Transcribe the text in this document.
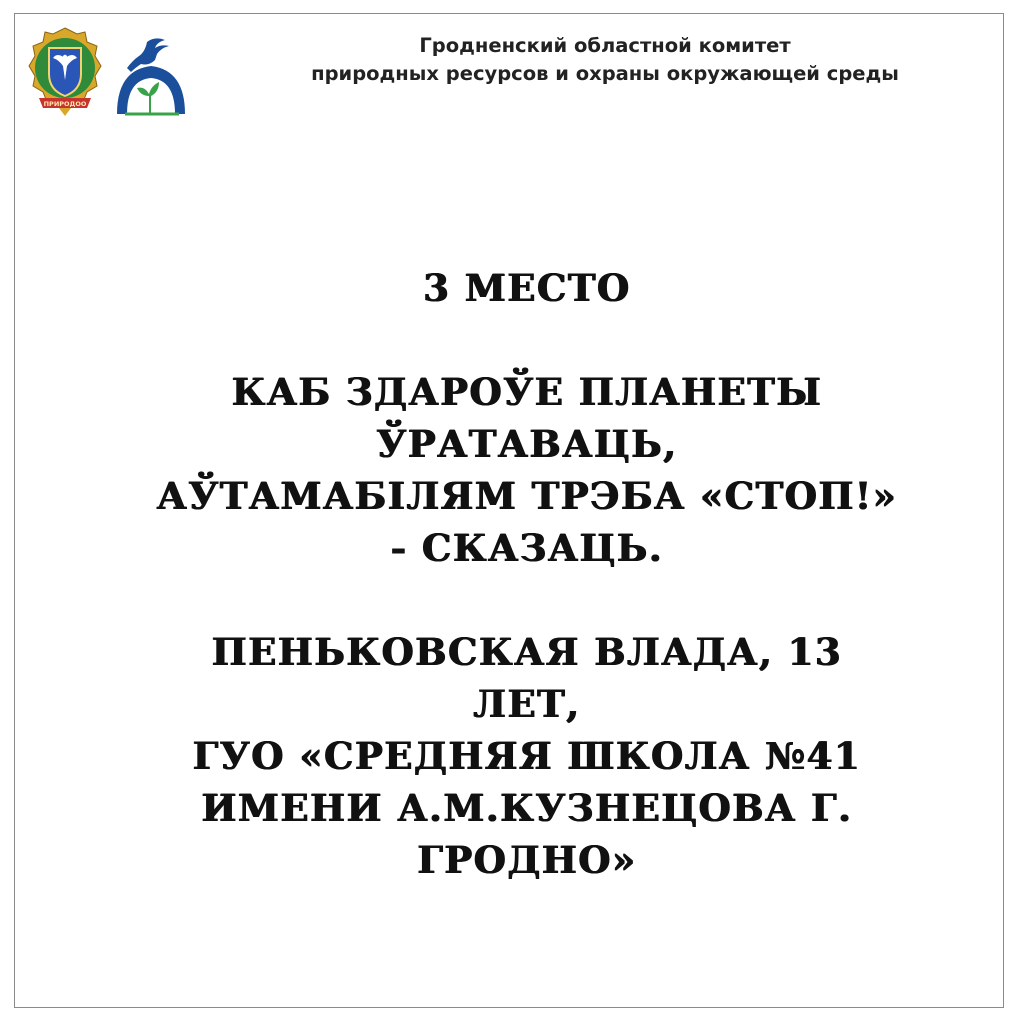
ПРИРОДОО
Гродненский областной комитет
природных ресурсов и охраны окружающей среды
3 МЕСТО
КАБ ЗДАРОЎЕ ПЛАНЕТЫ
ЎРАТАВАЦЬ,
АЎТАМАБІЛЯМ ТРЭБА «СТОП!»
- СКАЗАЦЬ.
ПЕНЬКОВСКАЯ ВЛАДА, 13
ЛЕТ,
ГУО «СРЕДНЯЯ ШКОЛА №41
ИМЕНИ А.М.КУЗНЕЦОВА Г.
ГРОДНО»
